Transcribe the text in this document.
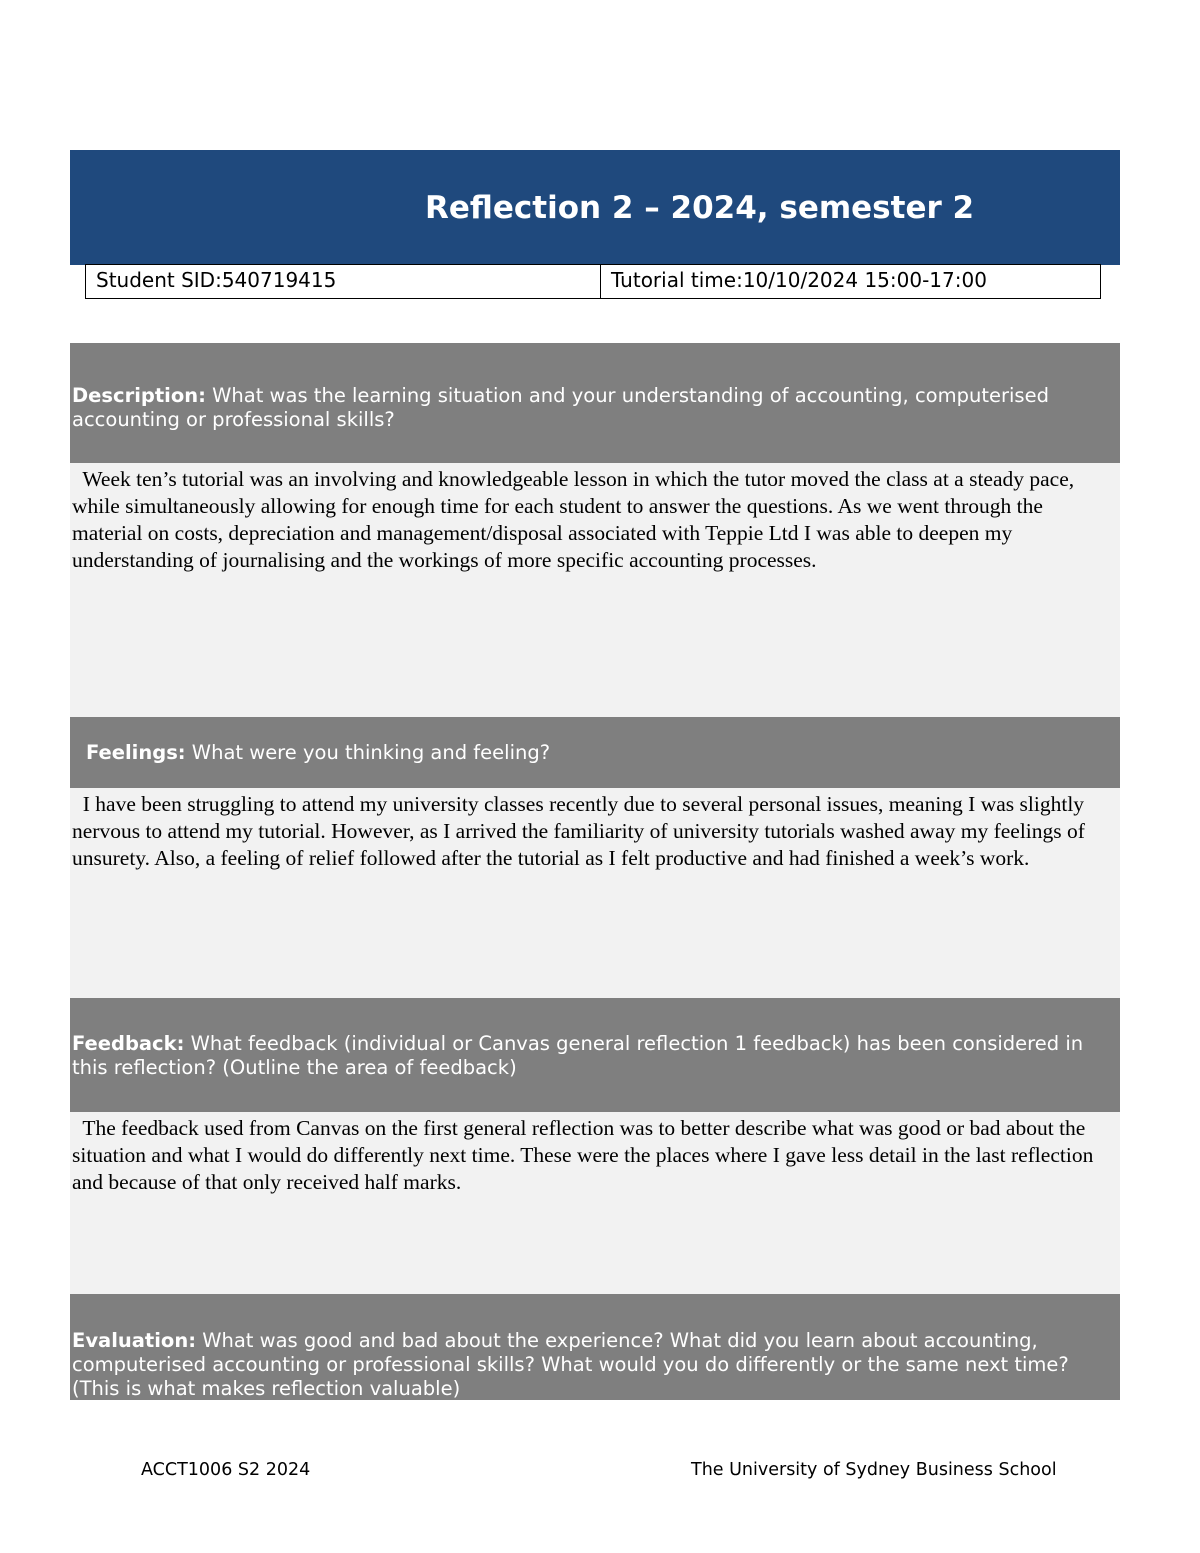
Reflection 2 – 2024, semester 2
Student SID:540719415	Tutorial time:10/10/2024 15:00-17:00
Description: What was the learning situation and your understanding of accounting, computerised accounting or professional skills?
Week ten’s tutorial was an involving and knowledgeable lesson in which the tutor moved the class at a steady pace, while simultaneously allowing for enough time for each student to answer the questions. As we went through the material on costs, depreciation and management/disposal associated with Teppie Ltd I was able to deepen my understanding of journalising and the workings of more specific accounting processes.
Feelings: What were you thinking and feeling?
I have been struggling to attend my university classes recently due to several personal issues, meaning I was slightly nervous to attend my tutorial. However, as I arrived the familiarity of university tutorials washed away my feelings of unsurety. Also, a feeling of relief followed after the tutorial as I felt productive and had finished a week’s work.
Feedback: What feedback (individual or Canvas general reflection 1 feedback) has been considered in this reflection? (Outline the area of feedback)
The feedback used from Canvas on the first general reflection was to better describe what was good or bad about the situation and what I would do differently next time. These were the places where I gave less detail in the last reflection and because of that only received half marks.
Evaluation: What was good and bad about the experience? What did you learn about accounting, computerised accounting or professional skills? What would you do differently or the same next time? (This is what makes reflection valuable)
ACCT1006 S2 2024	The University of Sydney Business School
